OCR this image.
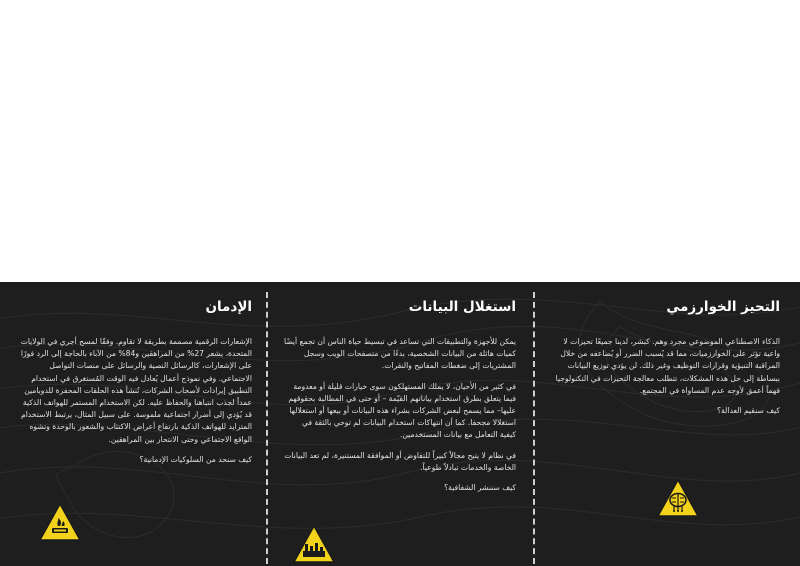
الإدمان

الإشعارات الرقمية مصممة بطريقة لا تقاوم. وفقًا لمسح أجري في الولايات المتحدة، يشعر 27% من المراهقين و84% من الآباء بالحاجة إلى الرد فورًا على الإشعارات، كالرسائل النصية والرسائل على منصات التواصل الاجتماعي. وفي نموذج أعمال يُعادل فيه الوقت المُستغرق في استخدام التطبيق إيرادات لأصحاب الشركات، تُنشأ هذه الحلقات المحفزة للدوبامين عمداً لجذب انتباهنا والحفاظ عليه. لكن الاستخدام المستمر للهواتف الذكية قد يُؤدي إلى أضرار اجتماعية ملموسة. على سبيل المثال، يرتبط الاستخدام المتزايد للهواتف الذكية بارتفاع أعراض الاكتئاب والشعور بالوحدة وتشوه الواقع الاجتماعي وحتى الانتحار بين المراهقين.

كيف سنحد من السلوكيات الإدمانية؟

استغلال البيانات

يمكن للأجهزة والتطبيقات التي تساعد في تبسيط حياة الناس أن تجمع أيضًا كميات هائلة من البيانات الشخصية، بدءًا من متصفحات الويب وسجل المشتريات إلى ضغطات المفاتيح والنقرات.

في كثير من الأحيان، لا يملك المستهلكون سوى خيارات قليلة أو معدومة فيما يتعلق بطرق استخدام بياناتهم القيّمة – أو حتى في المطالبة بحقوقهم عليها– مما يسمح لبعض الشركات بشراء هذه البيانات أو بيعها أو استغلالها استغلالا مجحفا. كما أن انتهاكات استخدام البيانات لم توحي بالثقة في كيفية التعامل مع بيانات المستخدمين.

في نظام لا يتيح مجالاً كبيراً للتفاوض أو الموافقة المستنيرة، لم تعد البيانات الخاصة والخدمات تبادلاً طوعياً.

كيف سننشر الشفافية؟

التحيز الخوارزمي

الذكاء الاصطناعي الموضوعي مجرد وهم. كبشر، لدينا جميعًا تحيزات لا واعية تؤثر على الخوارزميات، مما قد يُسبب الضرر أو يُضاعفه من خلال المراقبة التنبؤية وقرارات التوظيف وغير ذلك. لن يؤدي توزيع البيانات ببساطة إلى حل هذه المشكلات، تتطلب معالجة التحيزات في التكنولوجيا فهماً أعمق لأوجه عدم المساواة في المجتمع.

كيف سنقيم العدالة؟
